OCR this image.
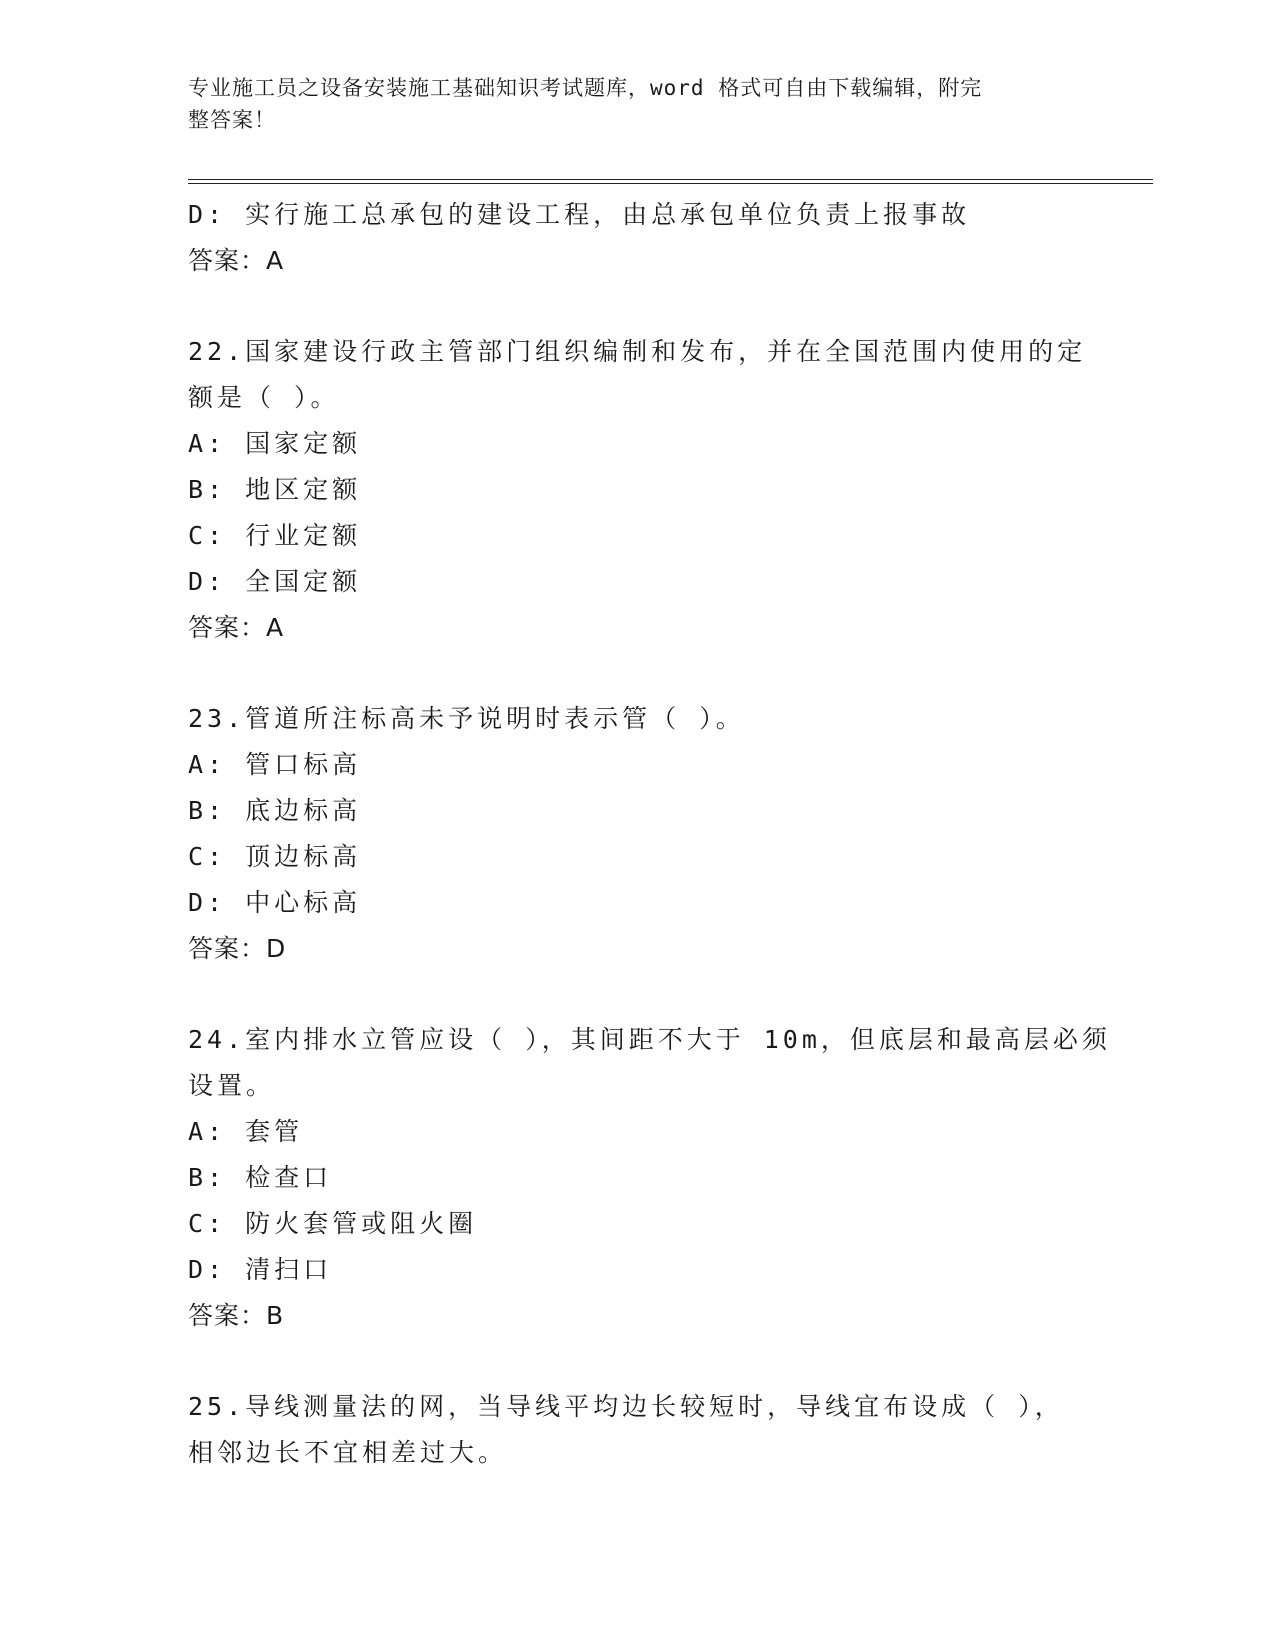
专业施工员之设备安装施工基础知识考试题库，word 格式可自由下载编辑，附完
整答案！
D: 实行施工总承包的建设工程，由总承包单位负责上报事故
答案：A
22.国家建设行政主管部门组织编制和发布，并在全国范围内使用的定
额是（ ）。
A: 国家定额
B: 地区定额
C: 行业定额
D: 全国定额
答案：A
23.管道所注标高未予说明时表示管（ ）。
A: 管口标高
B: 底边标高
C: 顶边标高
D: 中心标高
答案：D
24.室内排水立管应设（ ），其间距不大于 10m，但底层和最高层必须
设置。
A: 套管
B: 检查口
C: 防火套管或阻火圈
D: 清扫口
答案：B
25.导线测量法的网，当导线平均边长较短时，导线宜布设成（ ），
相邻边长不宜相差过大。
